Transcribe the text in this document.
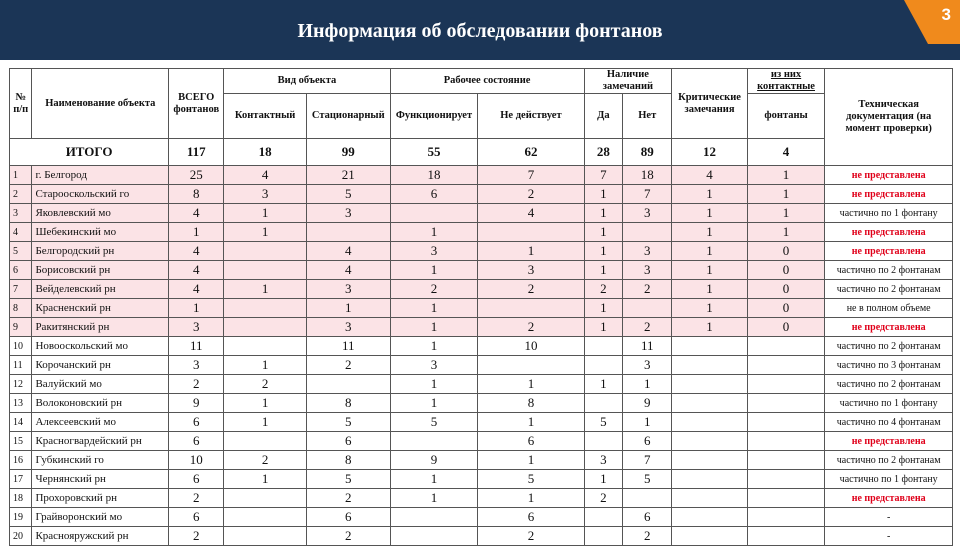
Информация об обследовании фонтанов
3
№ п/п	Наименование объекта	ВСЕГО фонтанов	Вид объекта		Рабочее состояние		Наличие замечаний		Критические замечания	из них контактные	Техническая документация (на момент проверки)
			Контактный	Стационарный	Функционирует	Не действует	Да	Нет		фонтаны	
ИТОГО		117	18	99	55	62	28	89	12	4	
1	г. Белгород	25	4	21	18	7	7	18	4	1	не представлена
2	Старооскольский го	8	3	5	6	2	1	7	1	1	не представлена
3	Яковлевский мо	4	1	3		4	1	3	1	1	частично по 1 фонтану
4	Шебекинский мо	1	1		1		1		1	1	не представлена
5	Белгородский рн	4		4	3	1	1	3	1	0	не представлена
6	Борисовский рн	4		4	1	3	1	3	1	0	частично по 2 фонтанам
7	Вейделевский рн	4	1	3	2	2	2	2	1	0	частично по 2 фонтанам
8	Красненский рн	1		1	1		1		1	0	не в полном объеме
9	Ракитянский рн	3		3	1	2	1	2	1	0	не представлена
10	Новооскольский мо	11		11	1	10		11			частично по 2 фонтанам
11	Корочанский рн	3	1	2	3			3			частично по 3 фонтанам
12	Валуйский мо	2	2		1	1	1	1			частично по 2 фонтанам
13	Волоконовский рн	9	1	8	1	8		9			частично по 1 фонтану
14	Алексеевский мо	6	1	5	5	1	5	1			частично по 4 фонтанам
15	Красногвардейский рн	6		6		6		6			не представлена
16	Губкинский го	10	2	8	9	1	3	7			частично по 2 фонтанам
17	Чернянский рн	6	1	5	1	5	1	5			частично по 1 фонтану
18	Прохоровский рн	2		2	1	1	2				не представлена
19	Грайворонский мо	6		6		6		6			-
20	Краснояружский рн	2		2		2		2			-
